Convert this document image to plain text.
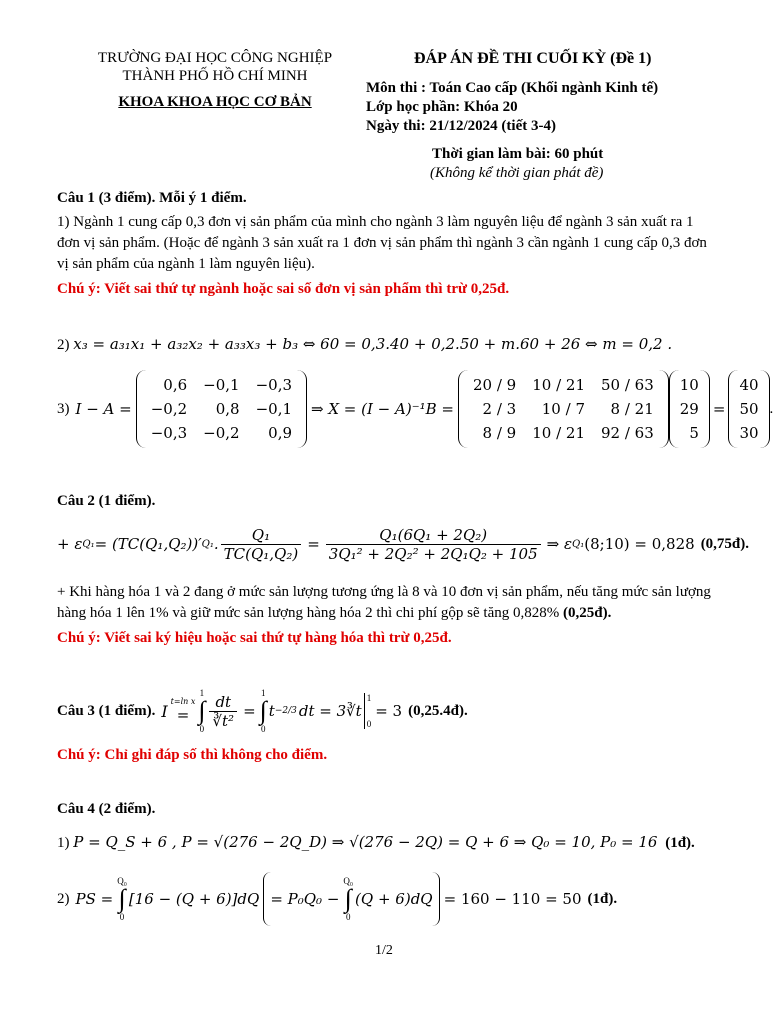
TRƯỜNG ĐẠI HỌC CÔNG NGHIỆP
THÀNH PHỐ HỒ CHÍ MINH
KHOA KHOA HỌC CƠ BẢN
ĐÁP ÁN ĐỀ THI CUỐI KỲ (Đề 1)
Môn thi : Toán Cao cấp (Khối ngành Kinh tế)
Lớp học phần: Khóa 20
Ngày thi: 21/12/2024 (tiết 3-4)
Thời gian làm bài: 60 phút
(Không kể thời gian phát đề)
Câu 1 (3 điểm). Mỗi ý 1 điểm.
1) Ngành 1 cung cấp 0,3 đơn vị sản phẩm của mình cho ngành 3 làm nguyên liệu để ngành 3 sản xuất ra 1 đơn vị sản phẩm. (Hoặc để ngành 3 sản xuất ra 1 đơn vị sản phẩm thì ngành 3 cần ngành 1 cung cấp 0,3 đơn vị sản phẩm của ngành 1 làm nguyên liệu).
Chú ý: Viết sai thứ tự ngành hoặc sai số đơn vị sản phẩm thì trừ 0,25đ.
2) x₃ = a₃₁x₁ + a₃₂x₂ + a₃₃x₃ + b₃ ⇔ 60 = 0,3.40 + 0,2.50 + m.60 + 26 ⇔ m = 0,2 .
3) I − A =
0,6	−0,1	−0,3
−0,2	0,8	−0,1
−0,3	−0,2	0,9
⇒ X = (I − A)⁻¹B =
20 / 9	10 / 21	50 / 63
2 / 3	10 / 7	8 / 21
8 / 9	10 / 21	92 / 63
10
29
5
=
40
50
30
.
Câu 2 (1 điểm).
+ ε Q₁ = (TC(Q₁,Q₂))′ Q₁ . $\frac{\text{Q₁}}{\text{TC(Q₁,Q₂)}} = \frac{\text{Q₁(6Q₁ + 2Q₂)}}{\text{3Q₁² + 2Q₂² + 2Q₁Q₂ + 105}}$ ⇒ ε Q₁ (8;10) = 0,828 (0,75đ).
+ Khi hàng hóa 1 và 2 đang ở mức sản lượng tương ứng là 8 và 10 đơn vị sản phẩm, nếu tăng mức sản lượng hàng hóa 1 lên 1% và giữ mức sản lượng hàng hóa 2 thì chi phí gộp sẽ tăng 0,828% (0,25đ).
Chú ý: Viết sai ký hiệu hoặc sai thứ tự hàng hóa thì trừ 0,25đ.
Câu 3 (1 điểm). I t=ln x
=
1
∫
$0 \frac{dt}{\text{∛t²}}$ =
1
∫
0
t −2/3 dt = 3∛t
1
0
= 3 (0,25.4đ).
Chú ý: Chỉ ghi đáp số thì không cho điểm.
Câu 4 (2 điểm).
1) P = Q_S + 6 , P = √(276 − 2Q_D) ⇒ √(276 − 2Q) = Q + 6 ⇒ Q₀ = 10, P₀ = 16 (1đ).
2) PS =
Q₀
∫
0
[16 − (Q + 6)]dQ = P₀Q₀ −
Q₀
∫
0
(Q + 6)dQ = 160 − 110 = 50 (1đ).
1/2
